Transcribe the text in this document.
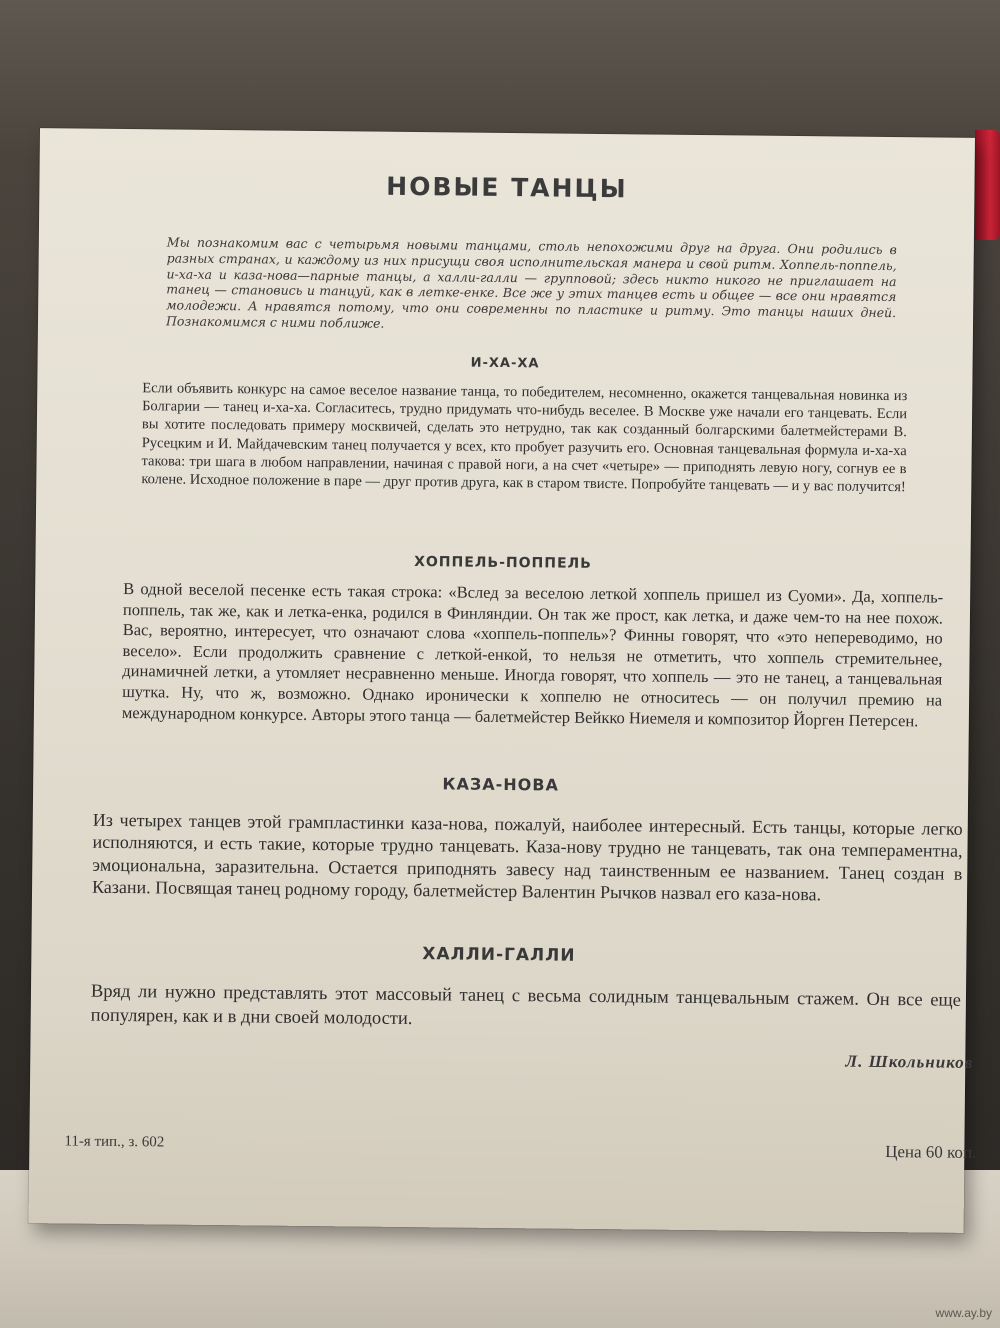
НОВЫЕ ТАНЦЫ
Мы познакомим вас с четырьмя новыми танцами, столь непохожими друг на друга. Они родились в разных странах, и каждому из них присущи своя исполнительская манера и свой ритм. Хоппель-поппель, и-ха-ха и каза-нова—парные танцы, а халли-галли — групповой; здесь никто никого не приглашает на танец — становись и танцуй, как в летке-енке. Все же у этих танцев есть и общее — все они нравятся молодежи. А нравятся потому, что они современны по пластике и ритму. Это танцы наших дней. Познакомимся с ними поближе.
И-ХА-ХА
Если объявить конкурс на самое веселое название танца, то победителем, несомненно, окажется танцевальная новинка из Болгарии — танец и-ха-ха. Согласитесь, трудно придумать что-нибудь веселее. В Москве уже начали его танцевать. Если вы хотите последовать примеру москвичей, сделать это нетрудно, так как созданный болгарскими балетмейстерами В. Русецким и И. Майдачевским танец получается у всех, кто пробует разучить его. Основная танцевальная формула и-ха-ха такова: три шага в любом направлении, начиная с правой ноги, а на счет «четыре» — приподнять левую ногу, согнув ее в колене. Исходное положение в паре — друг против друга, как в старом твисте. Попробуйте танцевать — и у вас получится!
ХОППЕЛЬ-ПОППЕЛЬ
В одной веселой песенке есть такая строка: «Вслед за веселою леткой хоппель пришел из Суоми». Да, хоппель-поппель, так же, как и летка-енка, родился в Финляндии. Он так же прост, как летка, и даже чем-то на нее похож. Вас, вероятно, интересует, что означают слова «хоппель-поппель»? Финны говорят, что «это непереводимо, но весело». Если продолжить сравнение с леткой-енкой, то нельзя не отметить, что хоппель стремительнее, динамичней летки, а утомляет несравненно меньше. Иногда говорят, что хоппель — это не танец, а танцевальная шутка. Ну, что ж, возможно. Однако иронически к хоппелю не относитесь — он получил премию на международном конкурсе. Авторы этого танца — балетмейстер Вейкко Ниемеля и композитор Йорген Петерсен.
КАЗА-НОВА
Из четырех танцев этой грампластинки каза-нова, пожалуй, наиболее интересный. Есть танцы, которые легко исполняются, и есть такие, которые трудно танцевать. Каза-нову трудно не танцевать, так она темпераментна, эмоциональна, заразительна. Остается приподнять завесу над таинственным ее названием. Танец создан в Казани. Посвящая танец родному городу, балетмейстер Валентин Рычков назвал его каза-нова.
ХАЛЛИ-ГАЛЛИ
Вряд ли нужно представлять этот массовый танец с весьма солидным танцевальным стажем. Он все еще популярен, как и в дни своей молодости.
Л. Школьников
11-я тип., з. 602
Цена 60 коп.
www.ay.by
